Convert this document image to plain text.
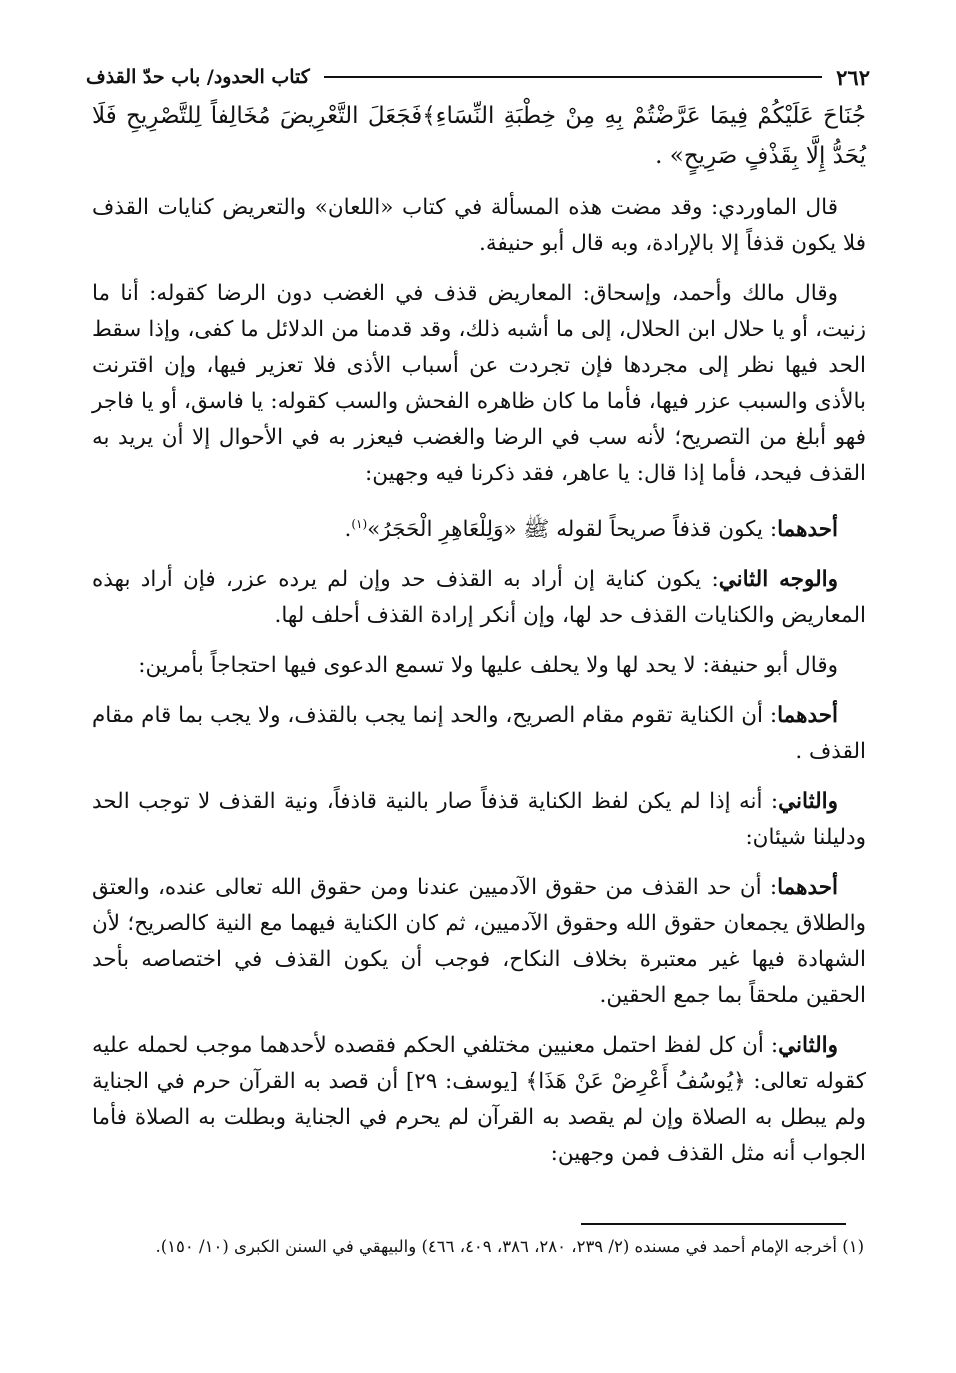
٢٦٢
كتاب الحدود/ باب حدّ القذف

جُنَاحَ عَلَيْكُمْ فِيمَا عَرَّضْتُمْ بِهِ مِنْ خِطْبَةِ النِّسَاءِ﴾فَجَعَلَ التَّعْرِيضَ مُخَالِفاً لِلتَّصْرِيحِ فَلَا يُحَدُّ إِلَّا بِقَذْفٍ صَرِيحٍ» .

قال الماوردي: وقد مضت هذه المسألة في كتاب «اللعان» والتعريض كنايات القذف فلا يكون قذفاً إلا بالإرادة، وبه قال أبو حنيفة.

وقال مالك وأحمد، وإسحاق: المعاريض قذف في الغضب دون الرضا كقوله: أنا ما زنيت، أو يا حلال ابن الحلال، إلى ما أشبه ذلك، وقد قدمنا من الدلائل ما كفى، وإذا سقط الحد فيها نظر إلى مجردها فإن تجردت عن أسباب الأذى فلا تعزير فيها، وإن اقترنت بالأذى والسبب عزر فيها، فأما ما كان ظاهره الفحش والسب كقوله: يا فاسق، أو يا فاجر فهو أبلغ من التصريح؛ لأنه سب في الرضا والغضب فيعزر به في الأحوال إلا أن يريد به القذف فيحد، فأما إذا قال: يا عاهر، فقد ذكرنا فيه وجهين:

أحدهما: يكون قذفاً صريحاً لقوله ﷺ «وَلِلْعَاهِرِ الْحَجَرُ»$^{(١)}$.

والوجه الثاني: يكون كناية إن أراد به القذف حد وإن لم يرده عزر، فإن أراد بهذه المعاريض والكنايات القذف حد لها، وإن أنكر إرادة القذف أحلف لها.

وقال أبو حنيفة: لا يحد لها ولا يحلف عليها ولا تسمع الدعوى فيها احتجاجاً بأمرين:

أحدهما: أن الكناية تقوم مقام الصريح، والحد إنما يجب بالقذف، ولا يجب بما قام مقام القذف .

والثاني: أنه إذا لم يكن لفظ الكناية قذفاً صار بالنية قاذفاً، ونية القذف لا توجب الحد ودليلنا شيئان:

أحدهما: أن حد القذف من حقوق الآدميين عندنا ومن حقوق الله تعالى عنده، والعتق والطلاق يجمعان حقوق الله وحقوق الآدميين، ثم كان الكناية فيهما مع النية كالصريح؛ لأن الشهادة فيها غير معتبرة بخلاف النكاح، فوجب أن يكون القذف في اختصاصه بأحد الحقين ملحقاً بما جمع الحقين.

والثاني: أن كل لفظ احتمل معنيين مختلفي الحكم فقصده لأحدهما موجب لحمله عليه كقوله تعالى: ﴿يُوسُفُ أَعْرِضْ عَنْ هَذَا﴾ [يوسف: ٢٩] أن قصد به القرآن حرم في الجناية ولم يبطل به الصلاة وإن لم يقصد به القرآن لم يحرم في الجناية وبطلت به الصلاة فأما الجواب أنه مثل القذف فمن وجهين:

(١) أخرجه الإمام أحمد في مسنده (٢/ ٢٣٩، ٢٨٠، ٣٨٦، ٤٠٩، ٤٦٦) والبيهقي في السنن الكبرى (١٠/ ١٥٠).
